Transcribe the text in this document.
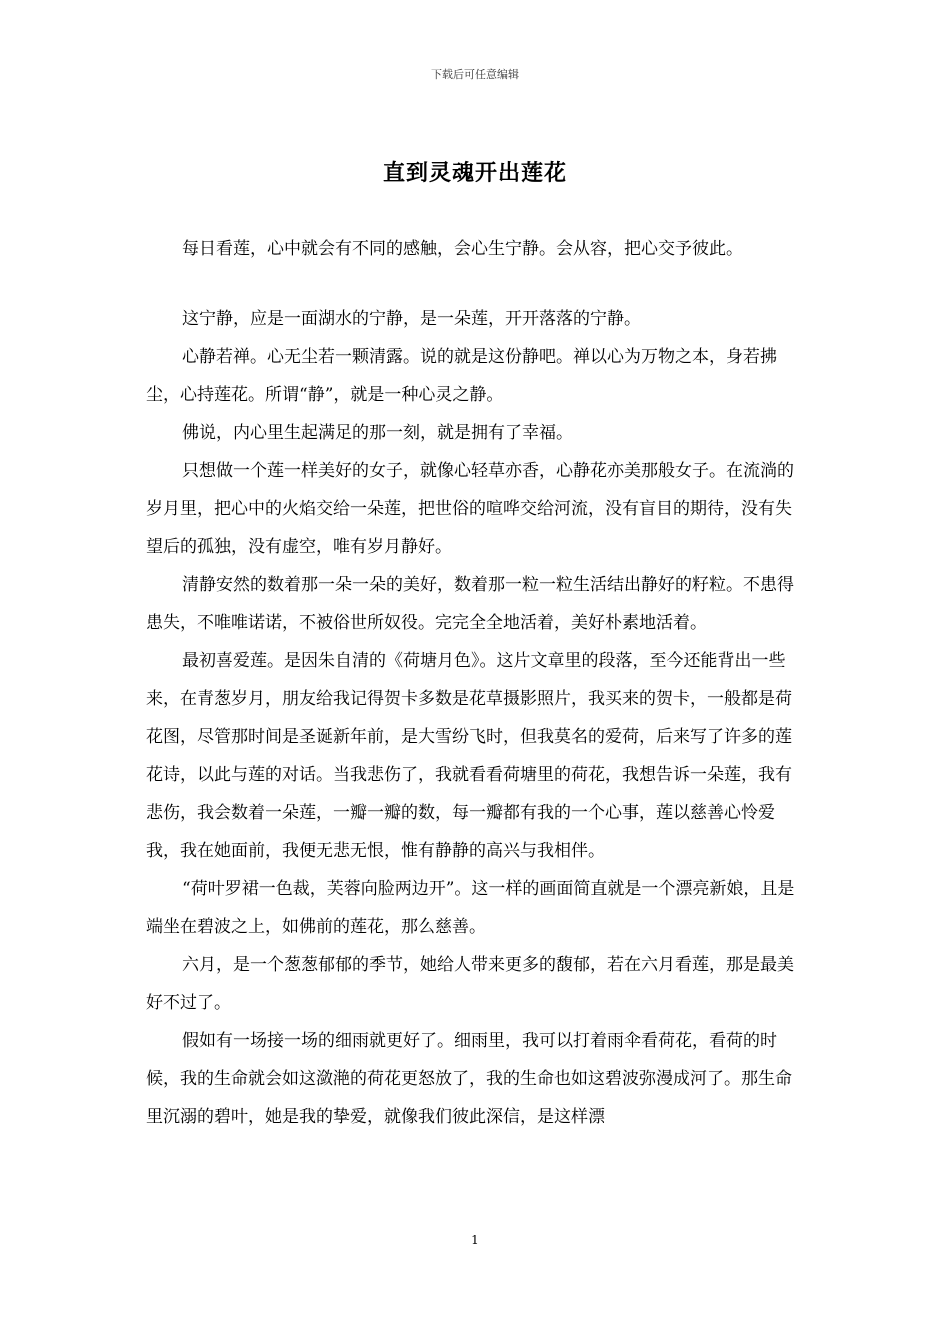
下载后可任意编辑
直到灵魂开出莲花

每日看莲，心中就会有不同的感触，会心生宁静。会从容，把心交予彼此。

这宁静，应是一面湖水的宁静，是一朵莲，开开落落的宁静。

心静若禅。心无尘若一颗清露。说的就是这份静吧。禅以心为万物之本，身若拂尘，心持莲花。所谓“静”，就是一种心灵之静。

佛说，内心里生起满足的那一刻，就是拥有了幸福。

只想做一个莲一样美好的女子，就像心轻草亦香，心静花亦美那般女子。在流淌的岁月里，把心中的火焰交给一朵莲，把世俗的喧哗交给河流，没有盲目的期待，没有失望后的孤独，没有虚空，唯有岁月静好。

清静安然的数着那一朵一朵的美好，数着那一粒一粒生活结出静好的籽粒。不患得患失，不唯唯诺诺，不被俗世所奴役。完完全全地活着，美好朴素地活着。

最初喜爱莲。是因朱自清的《荷塘月色》。这片文章里的段落，至今还能背出一些来，在青葱岁月，朋友给我记得贺卡多数是花草摄影照片，我买来的贺卡，一般都是荷花图，尽管那时间是圣诞新年前，是大雪纷飞时，但我莫名的爱荷，后来写了许多的莲花诗，以此与莲的对话。当我悲伤了，我就看看荷塘里的荷花，我想告诉一朵莲，我有悲伤，我会数着一朵莲，一瓣一瓣的数，每一瓣都有我的一个心事，莲以慈善心怜爱我，我在她面前，我便无悲无恨，惟有静静的高兴与我相伴。

“荷叶罗裙一色裁，芙蓉向脸两边开”。这一样的画面简直就是一个漂亮新娘，且是端坐在碧波之上，如佛前的莲花，那么慈善。

六月，是一个葱葱郁郁的季节，她给人带来更多的馥郁，若在六月看莲，那是最美好不过了。

假如有一场接一场的细雨就更好了。细雨里，我可以打着雨伞看荷花，看荷的时候，我的生命就会如这潋滟的荷花更怒放了，我的生命也如这碧波弥漫成河了。那生命里沉溺的碧叶，她是我的挚爱，就像我们彼此深信，是这样漂

1
